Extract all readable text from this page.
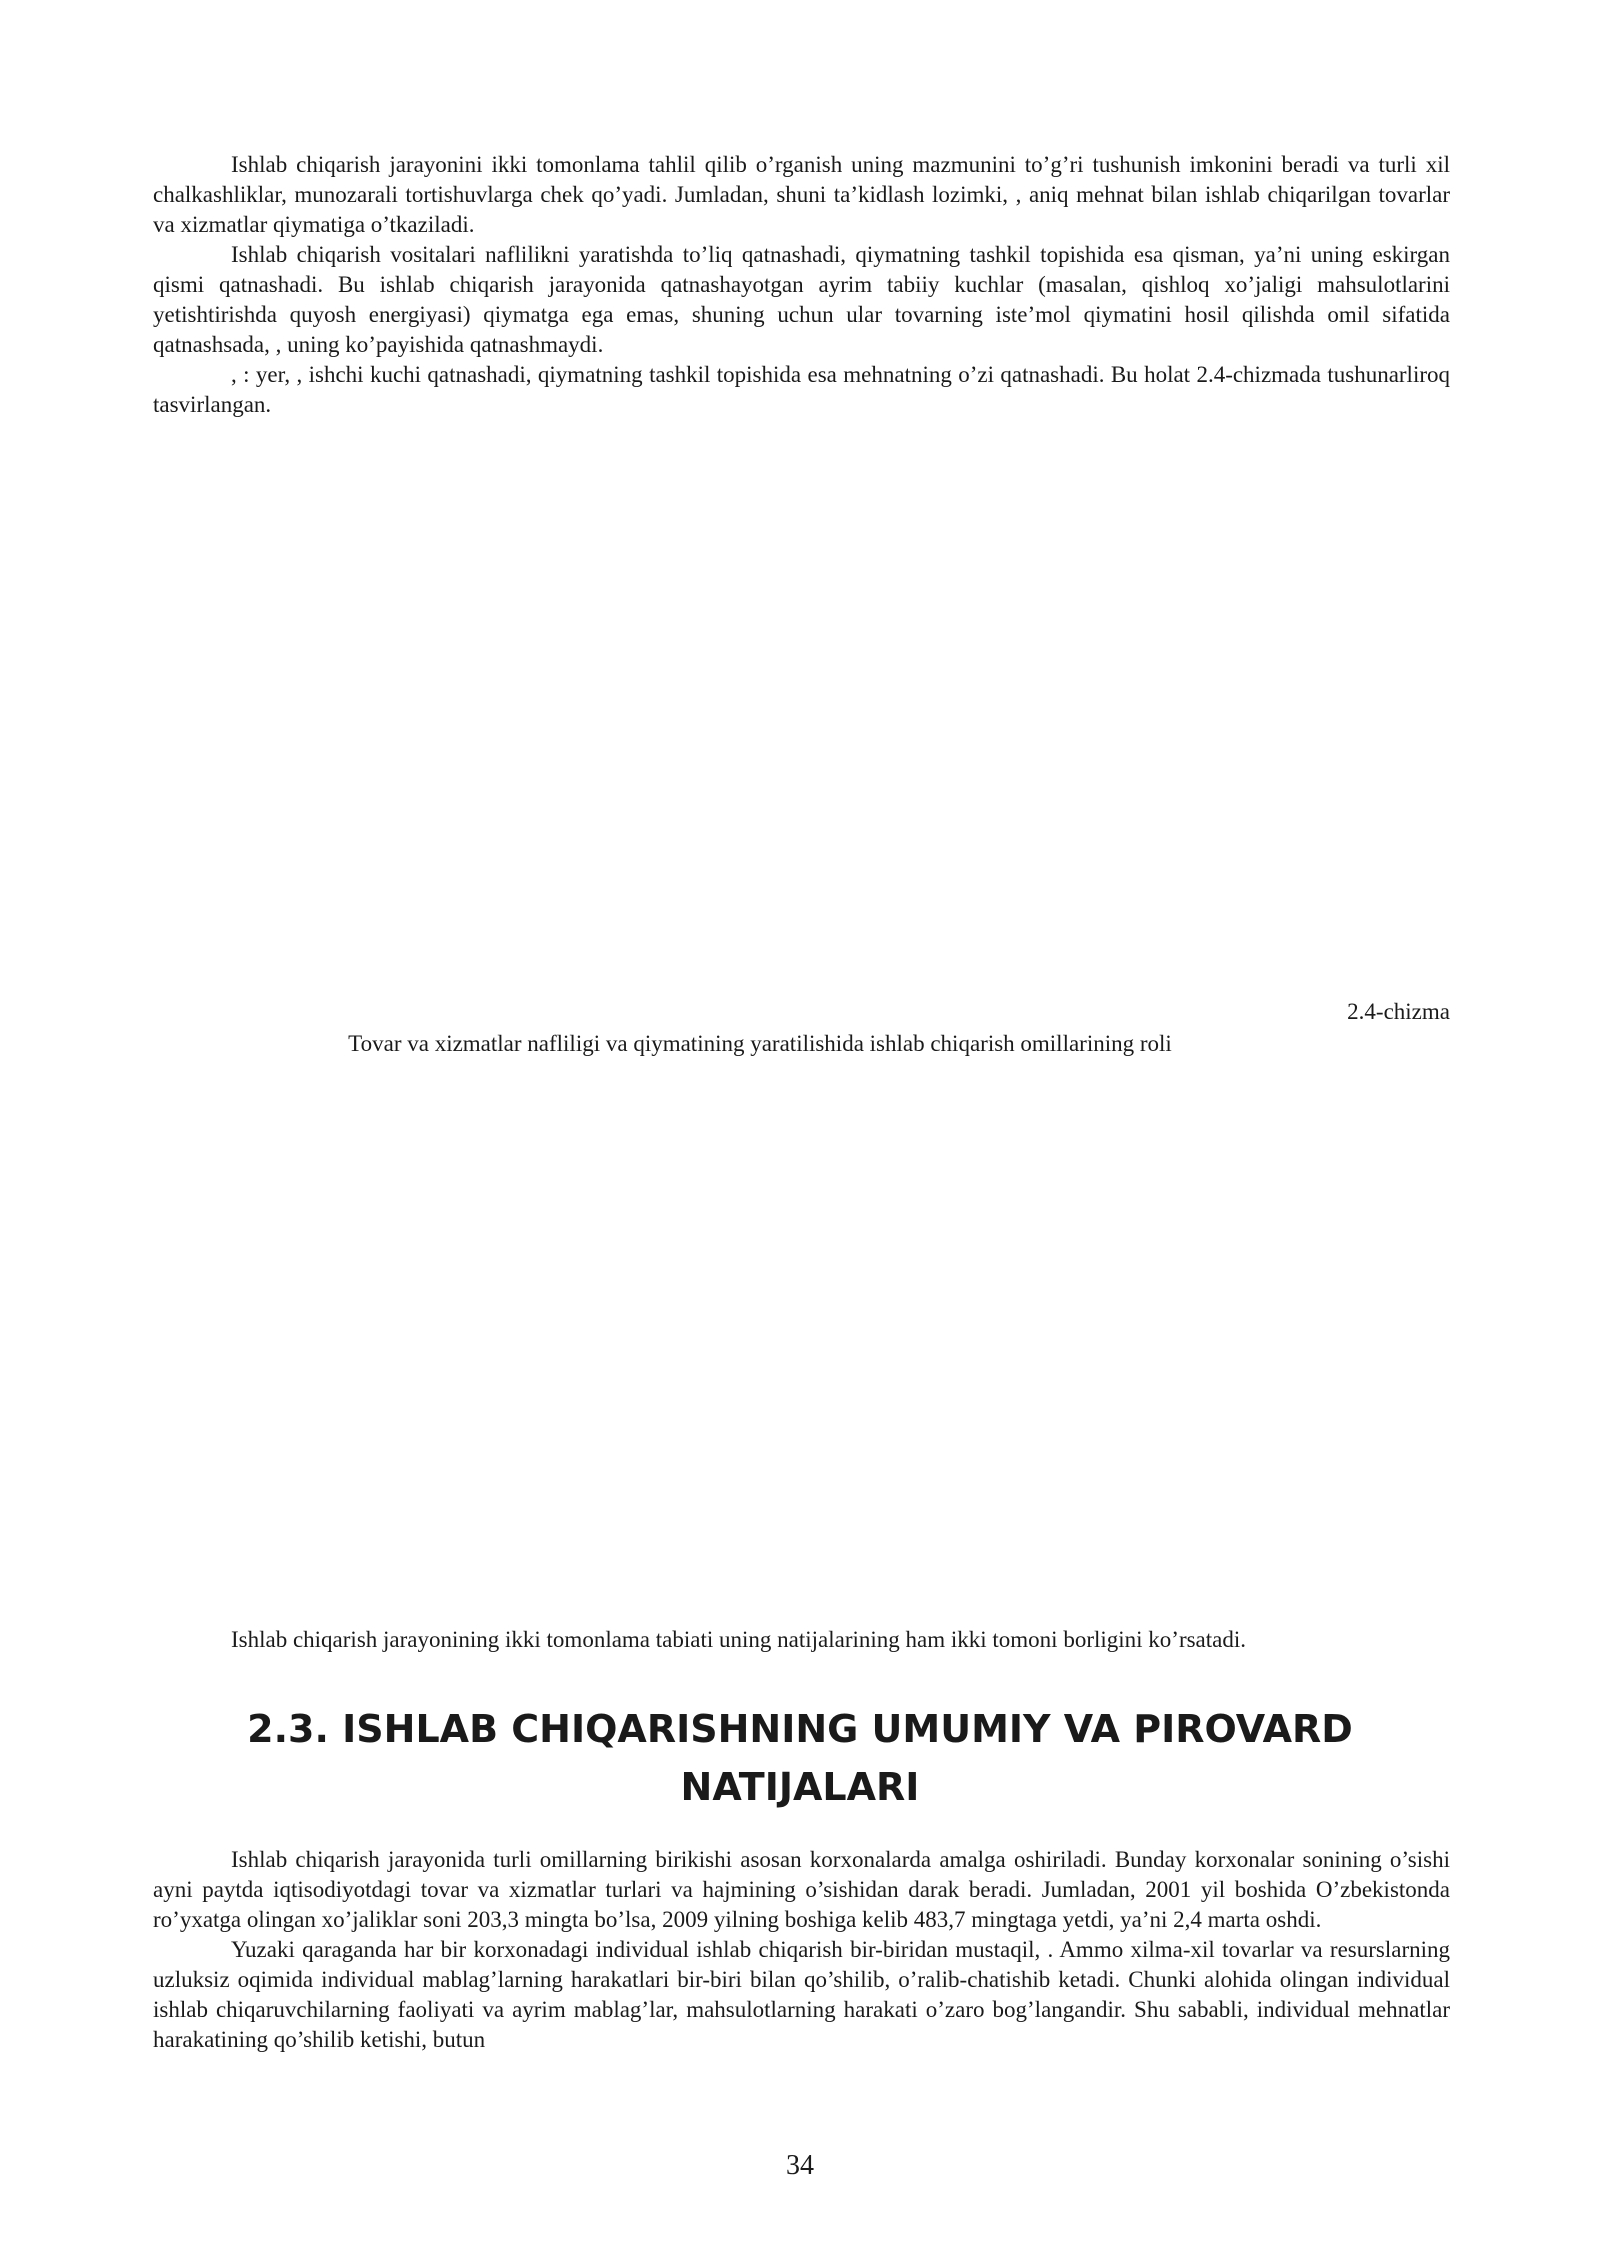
Ishlab chiqarish jarayonini ikki tomonlama tahlil qilib o’rganish uning mazmunini to’g’ri tushunish imkonini beradi va turli xil chalkashliklar, munozarali tortishuvlarga chek qo’yadi. Jumladan, shuni ta’kidlash lozimki, , aniq mehnat bilan ishlab chiqarilgan tovarlar va xizmatlar qiymatiga o’tkaziladi.

Ishlab chiqarish vositalari naflilikni yaratishda to’liq qatnashadi, qiymatning tashkil topishida esa qisman, ya’ni uning eskirgan qismi qatnashadi. Bu ishlab chiqarish jarayonida qatnashayotgan ayrim tabiiy kuchlar (masalan, qishloq xo’jaligi mahsulotlarini yetishtirishda quyosh energiyasi) qiymatga ega emas, shuning uchun ular tovarning iste’mol qiymatini hosil qilishda omil sifatida qatnashsada, , uning ko’payishida qatnashmaydi.

, : yer, , ishchi kuchi qatnashadi, qiymatning tashkil topishida esa mehnatning o’zi qatnashadi. Bu holat 2.4-chizmada tushunarliroq tasvirlangan.

2.4-chizma
Tovar va xizmatlar nafliligi va qiymatining yaratilishida ishlab chiqarish omillarining roli
Ishlab chiqarish jarayonining ikki tomonlama tabiati uning natijalarining ham ikki tomoni borligini ko’rsatadi.
2.3. ISHLAB CHIQARISHNING UMUMIY VA PIROVARD
NATIJALARI

Ishlab chiqarish jarayonida turli omillarning birikishi asosan korxonalarda amalga oshiriladi. Bunday korxonalar sonining o’sishi ayni paytda iqtisodiyotdagi tovar va xizmatlar turlari va hajmining o’sishidan darak beradi. Jumladan, 2001 yil boshida O’zbekistonda ro’yxatga olingan xo’jaliklar soni 203,3 mingta bo’lsa, 2009 yilning boshiga kelib 483,7 mingtaga yetdi, ya’ni 2,4 marta oshdi.

Yuzaki qaraganda har bir korxonadagi individual ishlab chiqarish bir-biridan mustaqil, . Ammo xilma-xil tovarlar va resurslarning uzluksiz oqimida individual mablag’larning harakatlari bir-biri bilan qo’shilib, o’ralib-chatishib ketadi. Chunki alohida olingan individual ishlab chiqaruvchilarning faoliyati va ayrim mablag’lar, mahsulotlarning harakati o’zaro bog’langandir. Shu sababli, individual mehnatlar harakatining qo’shilib ketishi, butun

34
